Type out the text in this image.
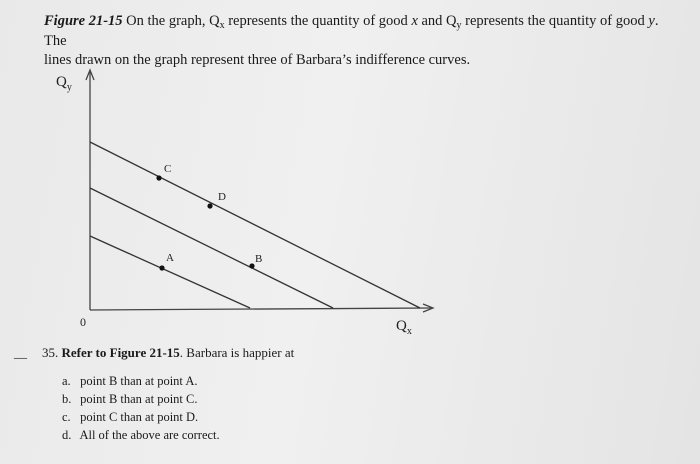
Figure 21-15 On the graph, $Q_x$ represents the quantity of good x and $Q_y$ represents the quantity of good y. The
lines drawn on the graph represent three of Barbara’s indifference curves.
$Q_y$
$Q_x$
0
C
D
A	B
__ 35. Refer to Figure 21-15. Barbara is happier at
a. point B than at point A.
b. point B than at point C.
c. point C than at point D.
d. All of the above are correct.
